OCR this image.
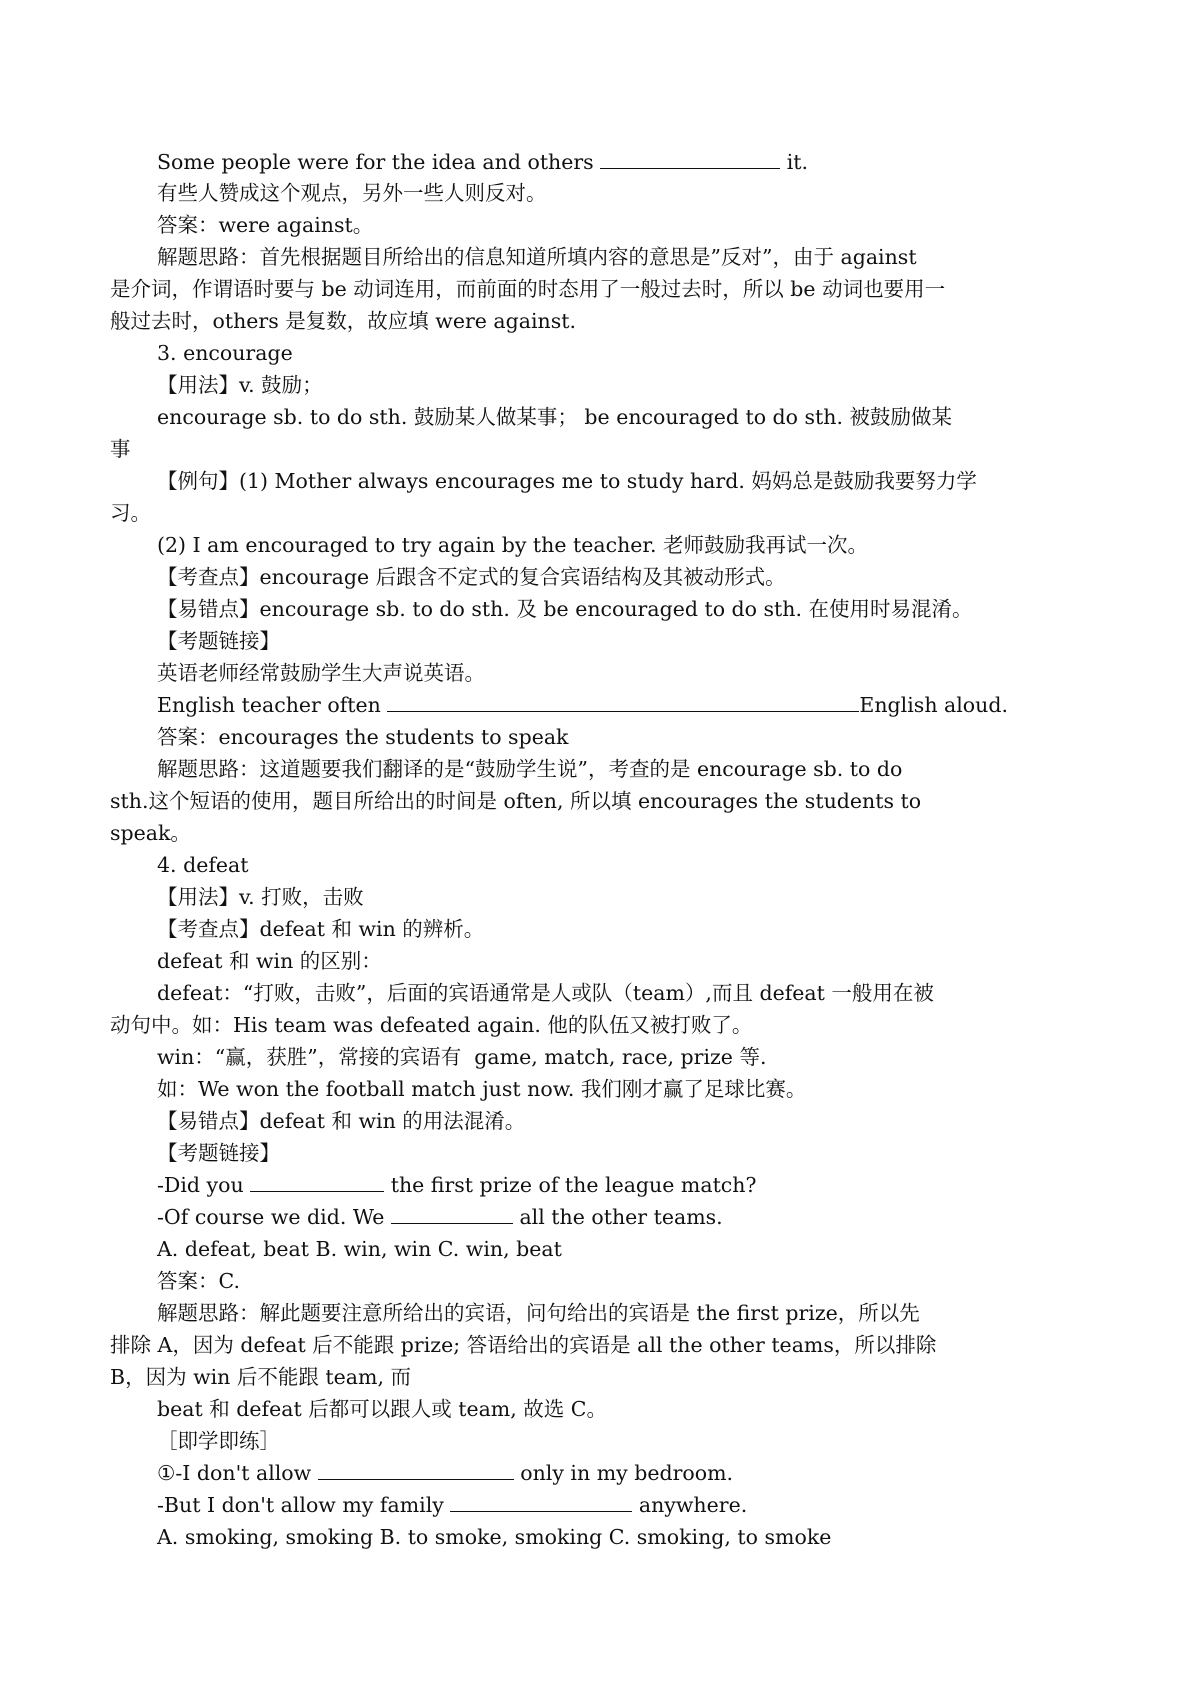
Some people were for the idea and others	it.
有些人赞成这个观点，另外一些人则反对。
答案：were against。
解题思路：首先根据题目所给出的信息知道所填内容的意思是”反对”，由于 against
是介词，作谓语时要与 be 动词连用，而前面的时态用了一般过去时，所以 be 动词也要用一
般过去时，others 是复数，故应填 were against.
3. encourage
【用法】v. 鼓励；
encourage sb. to do sth. 鼓励某人做某事； be encouraged to do sth. 被鼓励做某
事
【例句】(1) Mother always encourages me to study hard. 妈妈总是鼓励我要努力学
习。
(2) I am encouraged to try again by the teacher. 老师鼓励我再试一次。
【考查点】encourage 后跟含不定式的复合宾语结构及其被动形式。
【易错点】encourage sb. to do sth. 及 be encouraged to do sth. 在使用时易混淆。
【考题链接】
英语老师经常鼓励学生大声说英语。
English teacher often	English aloud.
答案：encourages the students to speak
解题思路：这道题要我们翻译的是“鼓励学生说”，考查的是 encourage sb. to do
sth.这个短语的使用，题目所给出的时间是 often, 所以填 encourages the students to
speak。
4. defeat
【用法】v. 打败，击败
【考查点】defeat 和 win 的辨析。
defeat 和 win 的区别：
defeat：“打败，击败”，后面的宾语通常是人或队（team）,而且 defeat 一般用在被
动句中。如：His team was defeated again. 他的队伍又被打败了。
win：“赢，获胜”，常接的宾语有  game, match, race, prize 等.
如：We won the football match just now. 我们刚才赢了足球比赛。
【易错点】defeat 和 win 的用法混淆。
【考题链接】
-Did you	the first prize of the league match?
-Of course we did. We	all the other teams.
A. defeat, beat B. win, win C. win, beat
答案：C.
解题思路：解此题要注意所给出的宾语，问句给出的宾语是 the first prize，所以先
排除 A，因为 defeat 后不能跟 prize; 答语给出的宾语是 all the other teams，所以排除
B，因为 win 后不能跟 team, 而
beat 和 defeat 后都可以跟人或 team, 故选 C。
［即学即练］
①-I don't allow	only in my bedroom.
-But I don't allow my family	anywhere.
A. smoking, smoking B. to smoke, smoking C. smoking, to smoke
